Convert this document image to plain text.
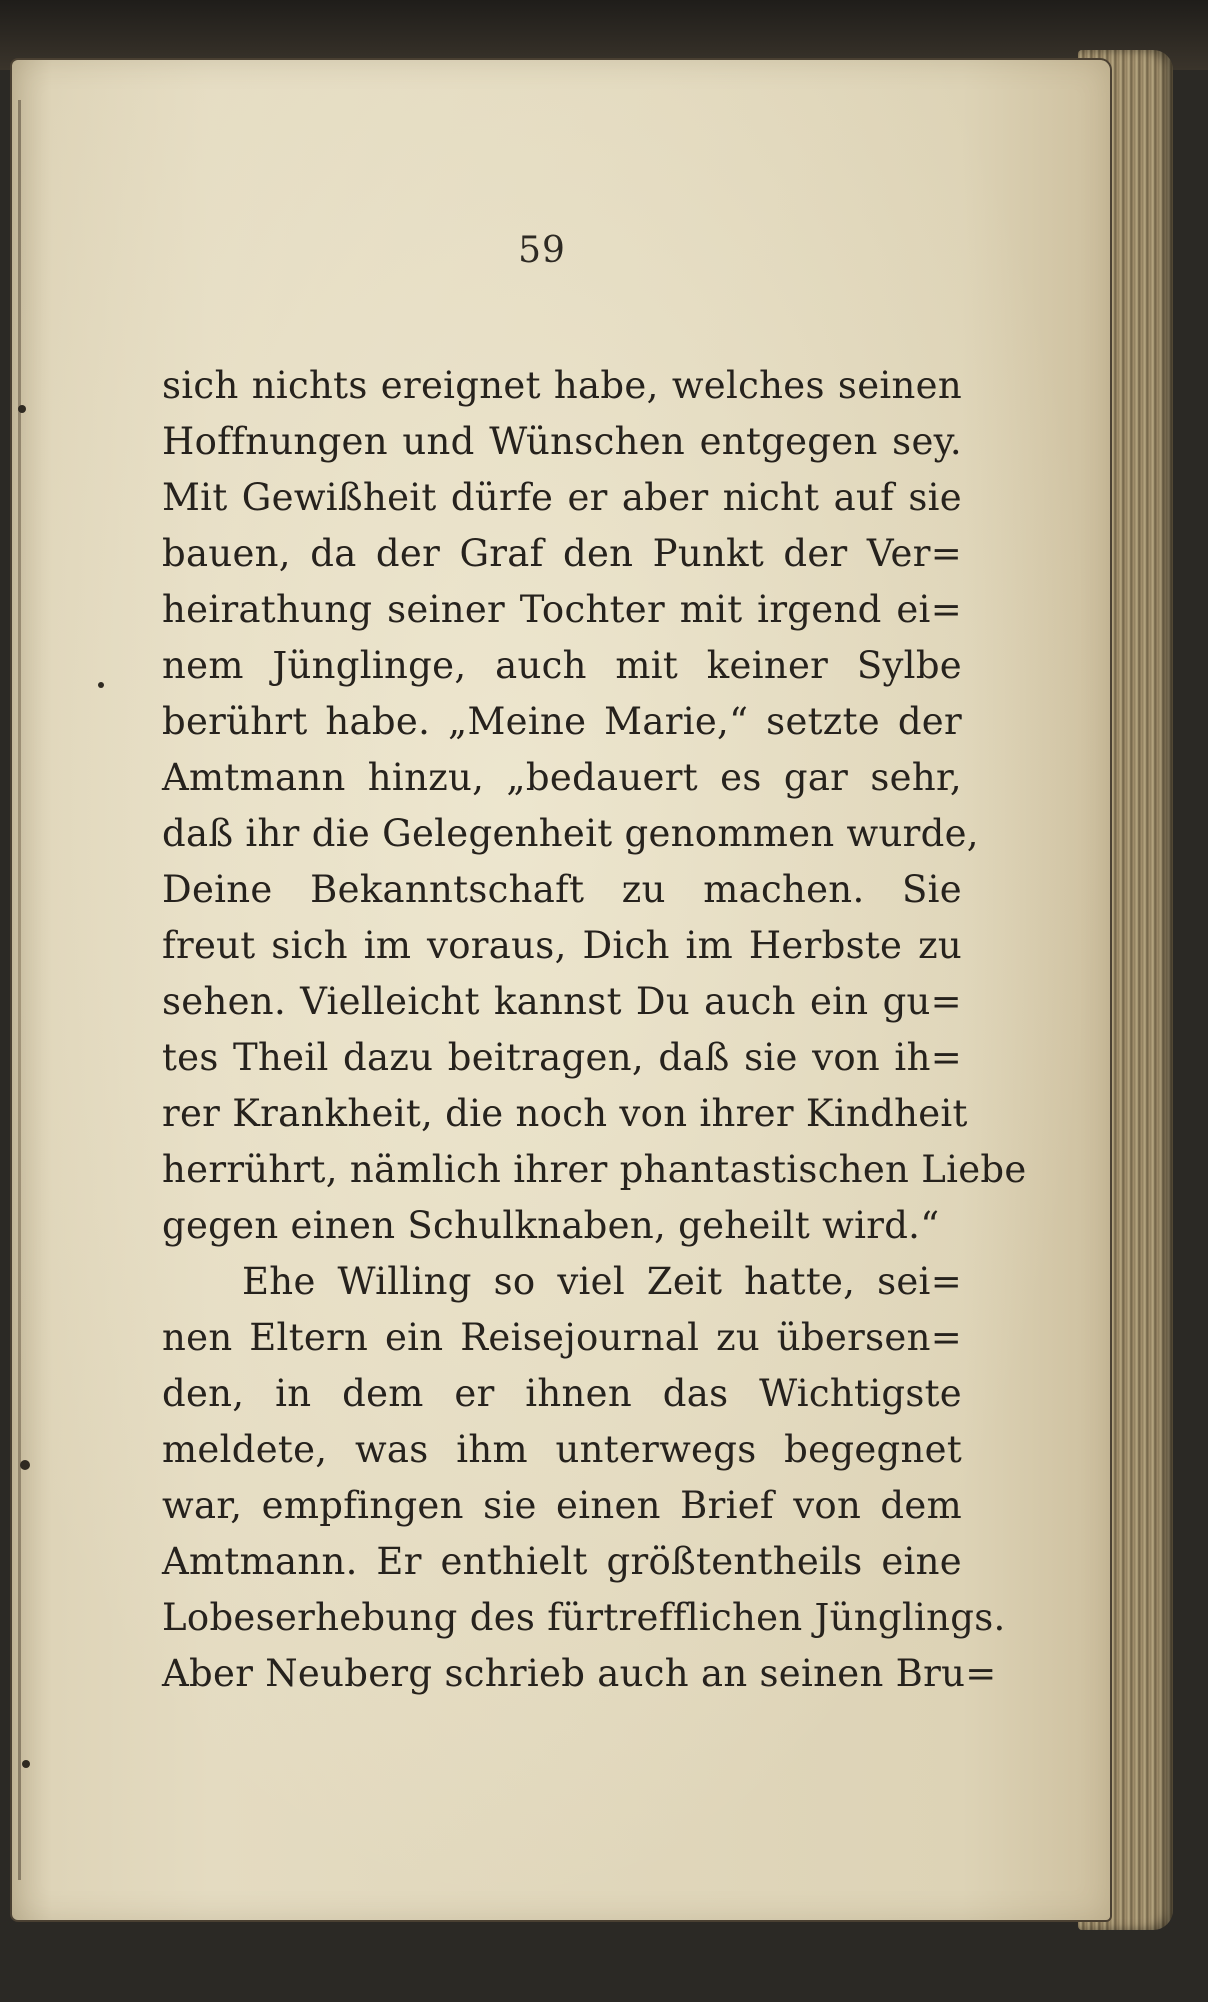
59
sich nichts ereignet habe, welches seinen
Hoffnungen und Wünschen entgegen sey.
Mit Gewißheit dürfe er aber nicht auf sie
bauen, da der Graf den Punkt der Ver=
heirathung seiner Tochter mit irgend ei=
nem Jünglinge, auch mit keiner Sylbe
berührt habe. „Meine Marie,“ setzte der
Amtmann hinzu, „bedauert es gar sehr,
daß ihr die Gelegenheit genommen wurde,
Deine Bekanntschaft zu machen. Sie
freut sich im voraus, Dich im Herbste zu
sehen. Vielleicht kannst Du auch ein gu=
tes Theil dazu beitragen, daß sie von ih=
rer Krankheit, die noch von ihrer Kindheit
herrührt, nämlich ihrer phantastischen Liebe
gegen einen Schulknaben, geheilt wird.“
Ehe Willing so viel Zeit hatte, sei=
nen Eltern ein Reisejournal zu übersen=
den, in dem er ihnen das Wichtigste
meldete, was ihm unterwegs begegnet
war, empfingen sie einen Brief von dem
Amtmann. Er enthielt größtentheils eine
Lobeserhebung des fürtrefflichen Jünglings.
Aber Neuberg schrieb auch an seinen Bru=
